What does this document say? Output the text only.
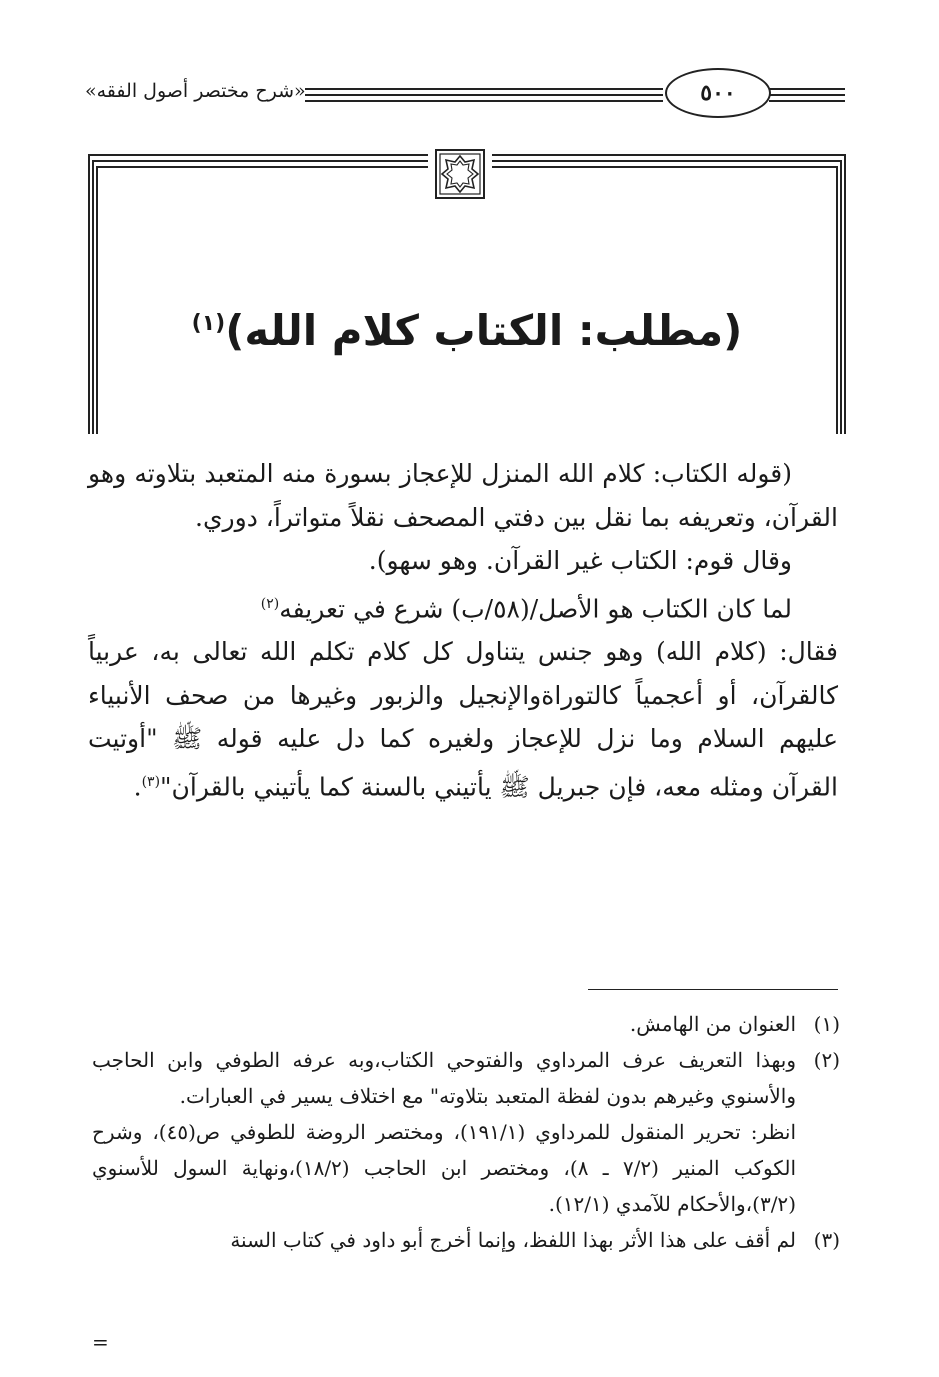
«شرح مختصر أصول الفقه»	٥٠٠
(مطلب: الكتاب كلام الله)$^{(١)}$

(قوله الكتاب: كلام الله المنزل للإعجاز بسورة منه المتعبد بتلاوته وهو القرآن، وتعريفه بما نقل بين دفتي المصحف نقلاً متواتراً، دوري.

وقال قوم: الكتاب غير القرآن. وهو سهو).

لما كان الكتاب هو الأصل/(٥٨/ب) شرع في تعريفه$^{(٢)}$

فقال: (كلام الله) وهو جنس يتناول كل كلام تكلم الله تعالى به، عربياً كالقرآن، أو أعجمياً كالتوراةوالإنجيل والزبور وغيرها من صحف الأنبياء عليهم السلام وما نزل للإعجاز ولغيره كما دل عليه قوله ﷺ "أوتيت القرآن ومثله معه، فإن جبريل ﷺ يأتيني بالسنة كما يأتيني بالقرآن"$^{(٣)}$.

(١)

العنوان من الهامش.

(٢)

وبهذا التعريف عرف المرداوي والفتوحي الكتاب،وبه عرفه الطوفي وابن الحاجب والأسنوي وغيرهم بدون لفظة المتعبد بتلاوته" مع اختلاف يسير في العبارات.

انظر: تحرير المنقول للمرداوي (١٩١/١)، ومختصر الروضة للطوفي ص(٤٥)، وشرح الكوكب المنير (٧/٢ ـ ٨)، ومختصر ابن الحاجب (١٨/٢)،ونهاية السول للأسنوي (٣/٢)،والأحكام للآمدي (١٢/١).

(٣)

لم أقف على هذا الأثر بهذا اللفظ، وإنما أخرج أبو داود في كتاب السنة

=
